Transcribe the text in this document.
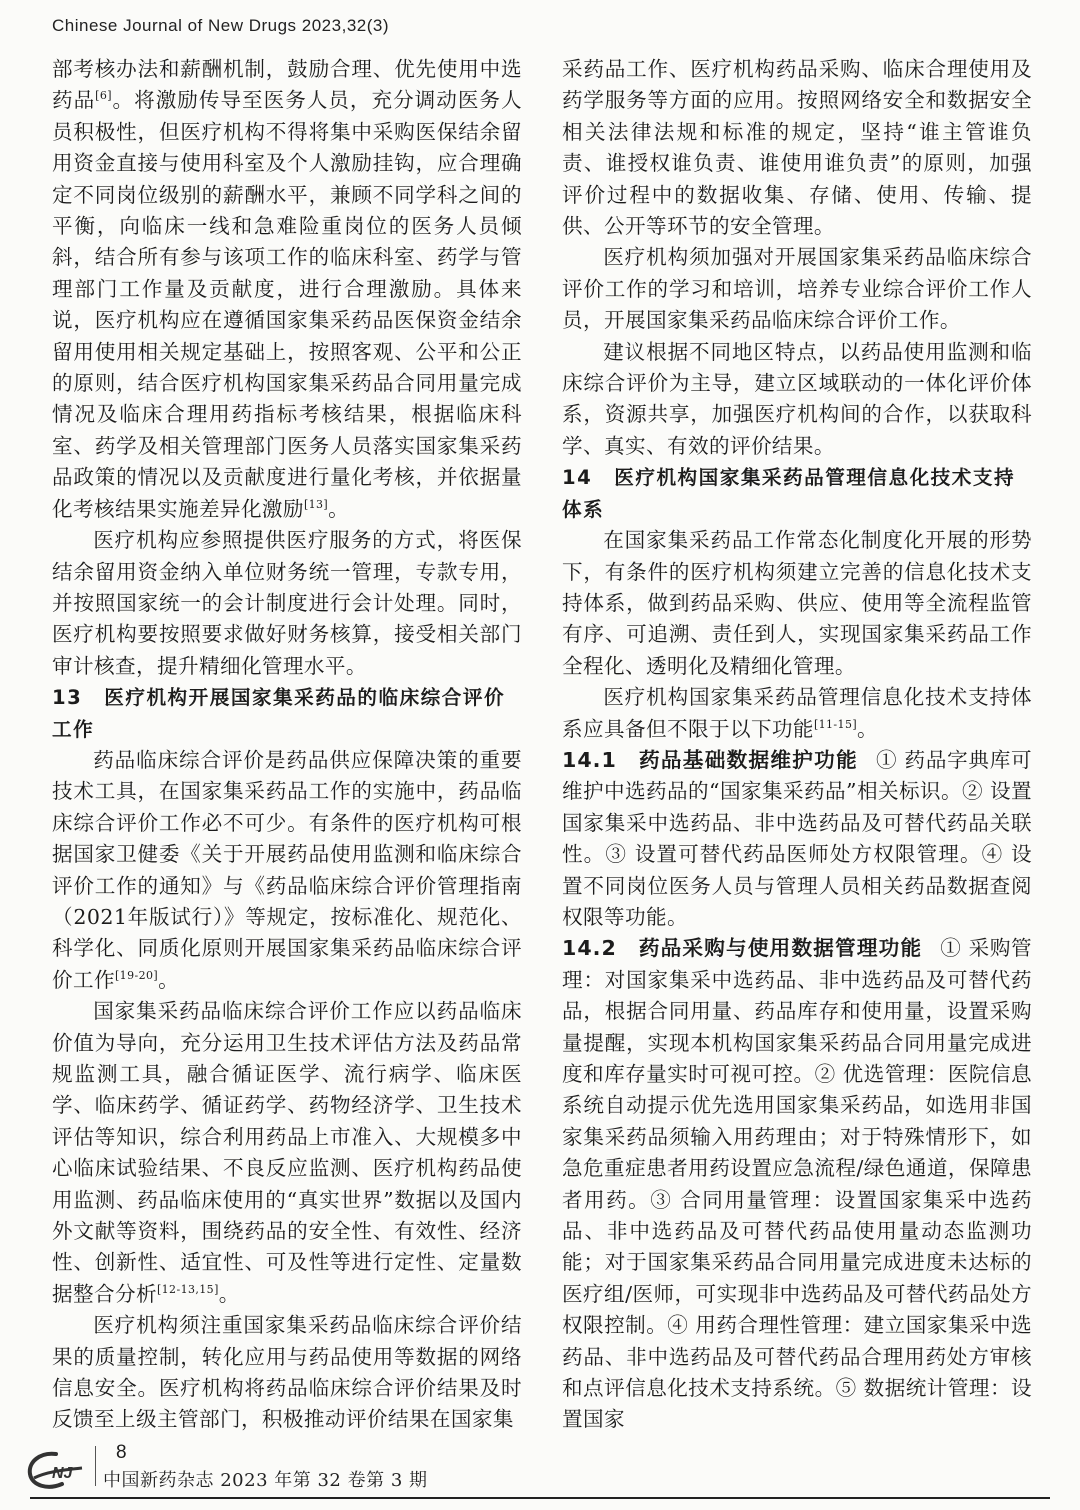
Chinese Journal of New Drugs 2023,32(3)

部考核办法和薪酬机制，鼓励合理、优先使用中选药品[6]。将激励传导至医务人员，充分调动医务人员积极性，但医疗机构不得将集中采购医保结余留用资金直接与使用科室及个人激励挂钩，应合理确定不同岗位级别的薪酬水平，兼顾不同学科之间的平衡，向临床一线和急难险重岗位的医务人员倾斜，结合所有参与该项工作的临床科室、药学与管理部门工作量及贡献度，进行合理激励。具体来说，医疗机构应在遵循国家集采药品医保资金结余留用使用相关规定基础上，按照客观、公平和公正的原则，结合医疗机构国家集采药品合同用量完成情况及临床合理用药指标考核结果，根据临床科室、药学及相关管理部门医务人员落实国家集采药品政策的情况以及贡献度进行量化考核，并依据量化考核结果实施差异化激励[13]。

医疗机构应参照提供医疗服务的方式，将医保结余留用资金纳入单位财务统一管理，专款专用，并按照国家统一的会计制度进行会计处理。同时，医疗机构要按照要求做好财务核算，接受相关部门审计核查，提升精细化管理水平。

13 医疗机构开展国家集采药品的临床综合评价工作

药品临床综合评价是药品供应保障决策的重要技术工具，在国家集采药品工作的实施中，药品临床综合评价工作必不可少。有条件的医疗机构可根据国家卫健委《关于开展药品使用监测和临床综合评价工作的通知》与《药品临床综合评价管理指南（2021年版试行）》等规定，按标准化、规范化、科学化、同质化原则开展国家集采药品临床综合评价工作[19-20]。

国家集采药品临床综合评价工作应以药品临床价值为导向，充分运用卫生技术评估方法及药品常规监测工具，融合循证医学、流行病学、临床医学、临床药学、循证药学、药物经济学、卫生技术评估等知识，综合利用药品上市准入、大规模多中心临床试验结果、不良反应监测、医疗机构药品使用监测、药品临床使用的“真实世界”数据以及国内外文献等资料，围绕药品的安全性、有效性、经济性、创新性、适宜性、可及性等进行定性、定量数据整合分析[12-13,15]。

医疗机构须注重国家集采药品临床综合评价结果的质量控制，转化应用与药品使用等数据的网络信息安全。医疗机构将药品临床综合评价结果及时反馈至上级主管部门，积极推动评价结果在国家集

采药品工作、医疗机构药品采购、临床合理使用及药学服务等方面的应用。按照网络安全和数据安全相关法律法规和标准的规定，坚持“谁主管谁负责、谁授权谁负责、谁使用谁负责”的原则，加强评价过程中的数据收集、存储、使用、传输、提供、公开等环节的安全管理。

医疗机构须加强对开展国家集采药品临床综合评价工作的学习和培训，培养专业综合评价工作人员，开展国家集采药品临床综合评价工作。

建议根据不同地区特点，以药品使用监测和临床综合评价为主导，建立区域联动的一体化评价体系，资源共享，加强医疗机构间的合作，以获取科学、真实、有效的评价结果。

14 医疗机构国家集采药品管理信息化技术支持体系

在国家集采药品工作常态化制度化开展的形势下，有条件的医疗机构须建立完善的信息化技术支持体系，做到药品采购、供应、使用等全流程监管有序、可追溯、责任到人，实现国家集采药品工作全程化、透明化及精细化管理。

医疗机构国家集采药品管理信息化技术支持体系应具备但不限于以下功能[11-15]。

14.1　 药品基础数据维护功能 ① 药品字典库可维护中选药品的“国家集采药品”相关标识。② 设置国家集采中选药品、非中选药品及可替代药品关联性。③ 设置可替代药品医师处方权限管理。④ 设置不同岗位医务人员与管理人员相关药品数据查阅权限等功能。

14.2　 药品采购与使用数据管理功能 ① 采购管理：对国家集采中选药品、非中选药品及可替代药品，根据合同用量、药品库存和使用量，设置采购量提醒，实现本机构国家集采药品合同用量完成进度和库存量实时可视可控。② 优选管理：医院信息系统自动提示优先选用国家集采药品，如选用非国家集采药品须输入用药理由；对于特殊情形下，如急危重症患者用药设置应急流程/绿色通道，保障患者用药。③ 合同用量管理：设置国家集采中选药品、非中选药品及可替代药品使用量动态监测功能；对于国家集采药品合同用量完成进度未达标的医疗组/医师，可实现非中选药品及可替代药品处方权限控制。④ 用药合理性管理：建立国家集采中选药品、非中选药品及可替代药品合理用药处方审核和点评信息化技术支持系统。⑤ 数据统计管理：设置国家

NJ
8
中国新药杂志 2023 年第 32 卷第 3 期
